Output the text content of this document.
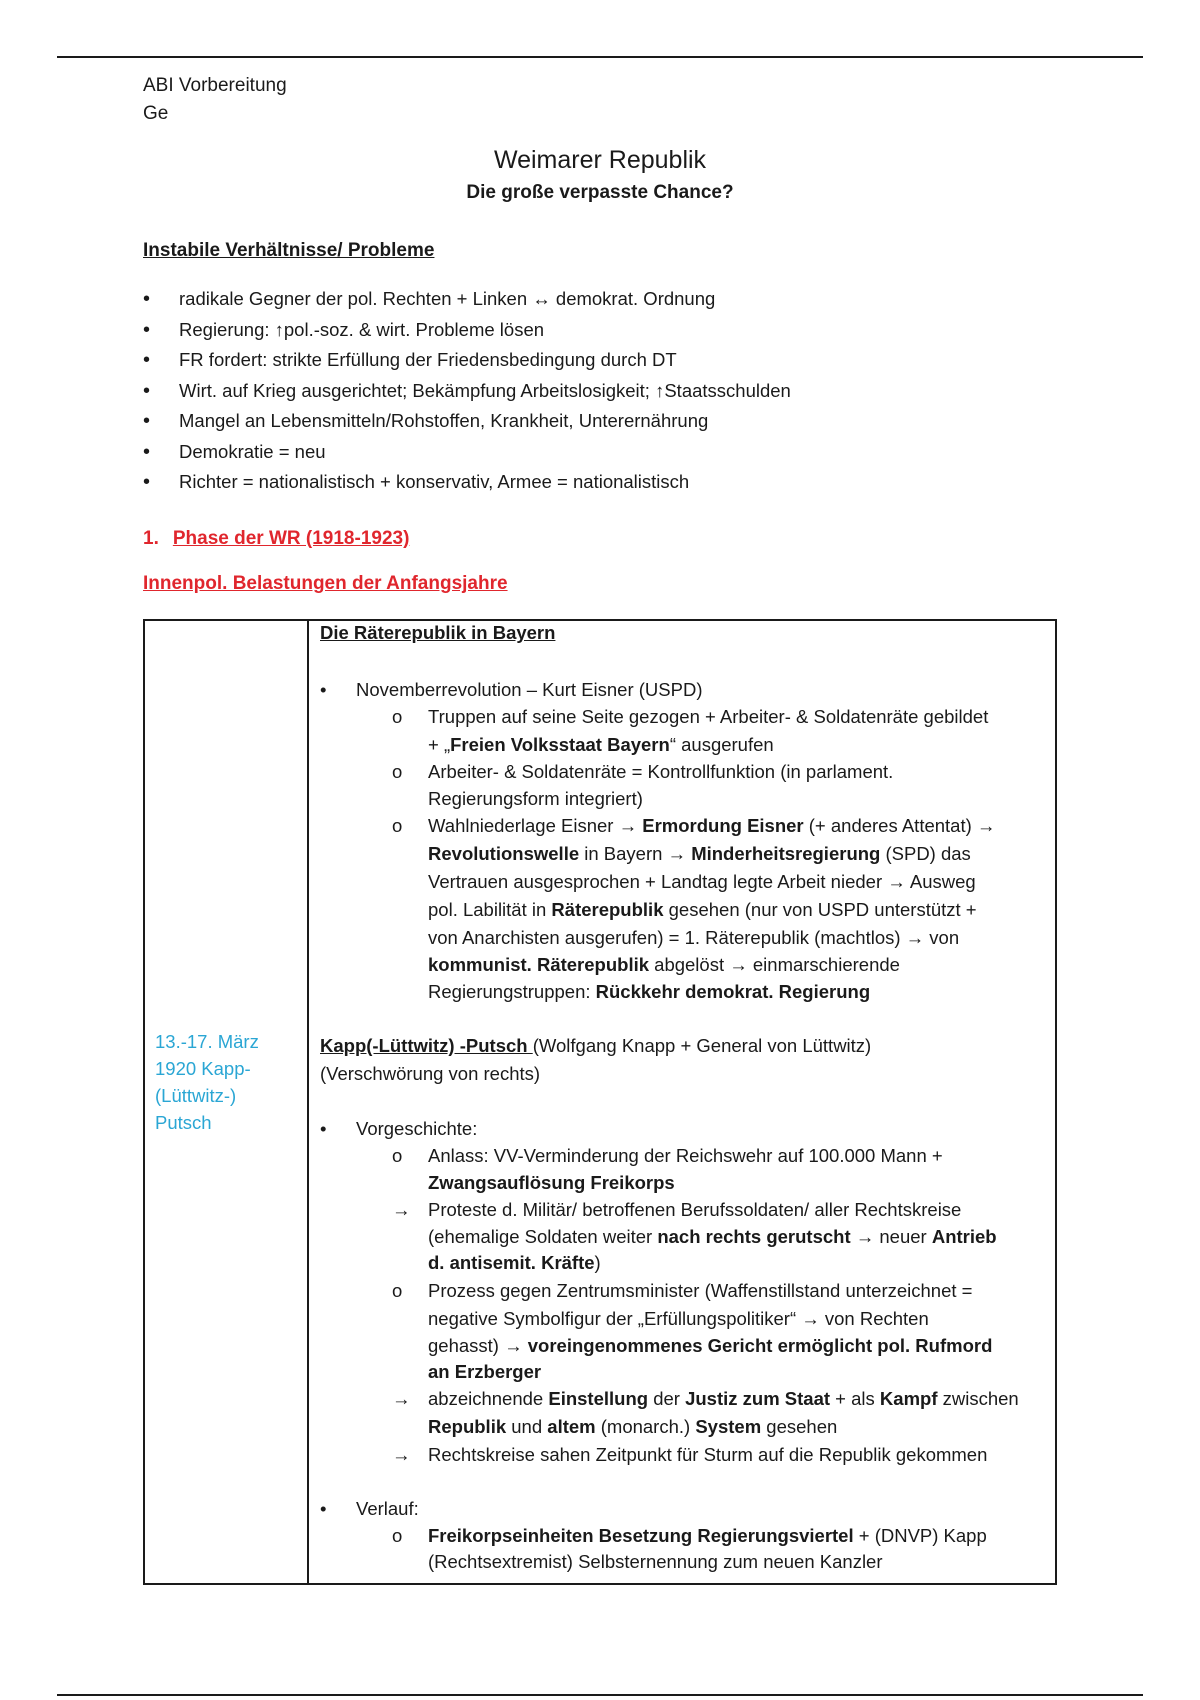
ABI Vorbereitung
Ge
Weimarer Republik
Die große verpasste Chance?
Instabile Verhältnisse/ Probleme
• radikale Gegner der pol. Rechten + Linken ↔ demokrat. Ordnung
• Regierung: ↑pol.-soz. & wirt. Probleme lösen
• FR fordert: strikte Erfüllung der Friedensbedingung durch DT
• Wirt. auf Krieg ausgerichtet; Bekämpfung Arbeitslosigkeit; ↑Staatsschulden
• Mangel an Lebensmitteln/Rohstoffen, Krankheit, Unterernährung
• Demokratie = neu
• Richter = nationalistisch + konservativ, Armee = nationalistisch
1. Phase der WR (1918-1923)
Innenpol. Belastungen der Anfangsjahre
13.-17. März
1920 Kapp-
(Lüttwitz-)
Putsch
Die Räterepublik in Bayern
• Novemberrevolution – Kurt Eisner (USPD)
o Truppen auf seine Seite gezogen + Arbeiter- & Soldatenräte gebildet
+ „Freien Volksstaat Bayern“ ausgerufen
o Arbeiter- & Soldatenräte = Kontrollfunktion (in parlament.
Regierungsform integriert)
o Wahlniederlage Eisner → Ermordung Eisner (+ anderes Attentat) →
Revolutionswelle in Bayern → Minderheitsregierung (SPD) das
Vertrauen ausgesprochen + Landtag legte Arbeit nieder → Ausweg
pol. Labilität in Räterepublik gesehen (nur von USPD unterstützt +
von Anarchisten ausgerufen) = 1. Räterepublik (machtlos) → von
kommunist. Räterepublik abgelöst → einmarschierende
Regierungstruppen: Rückkehr demokrat. Regierung
Kapp(-Lüttwitz) -Putsch (Wolfgang Knapp + General von Lüttwitz)
(Verschwörung von rechts)
• Vorgeschichte:
o Anlass: VV-Verminderung der Reichswehr auf 100.000 Mann +
Zwangsauflösung Freikorps
→ Proteste d. Militär/ betroffenen Berufssoldaten/ aller Rechtskreise
(ehemalige Soldaten weiter nach rechts gerutscht → neuer Antrieb
d. antisemit. Kräfte)
o Prozess gegen Zentrumsminister (Waffenstillstand unterzeichnet =
negative Symbolfigur der „Erfüllungspolitiker“ → von Rechten
gehasst) → voreingenommenes Gericht ermöglicht pol. Rufmord
an Erzberger
→ abzeichnende Einstellung der Justiz zum Staat + als Kampf zwischen
Republik und altem (monarch.) System gesehen
→ Rechtskreise sahen Zeitpunkt für Sturm auf die Republik gekommen
• Verlauf:
o Freikorpseinheiten Besetzung Regierungsviertel + (DNVP) Kapp
(Rechtsextremist) Selbsternennung zum neuen Kanzler
